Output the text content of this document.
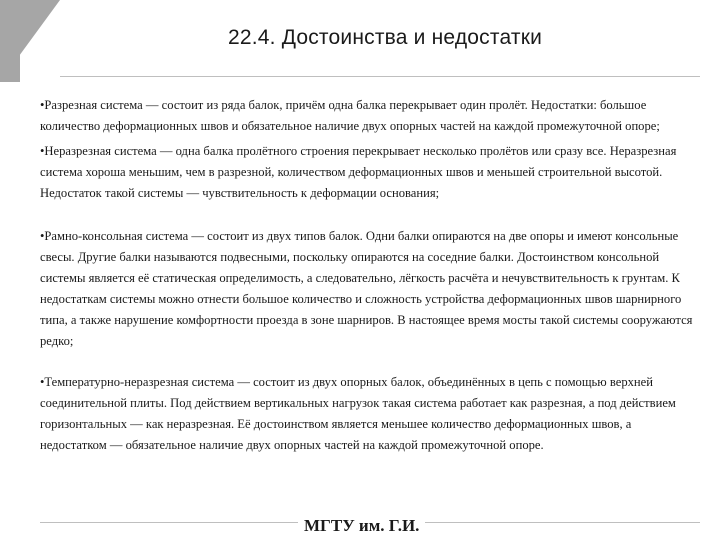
22.4. Достоинства и недостатки

•Разрезная система — состоит из ряда балок, причём одна балка перекрывает один пролёт. Недостатки: большое количество деформационных швов и обязательное наличие двух опорных частей на каждой промежуточной опоре;

•Неразрезная система — одна балка пролётного строения перекрывает несколько пролётов или сразу все. Неразрезная система хороша меньшим, чем в разрезной, количеством деформационных швов и меньшей строительной высотой. Недостаток такой системы — чувствительность к деформации основания;

•Рамно-консольная система — состоит из двух типов балок. Одни балки опираются на две опоры и имеют консольные свесы. Другие балки называются подвесными, поскольку опираются на соседние балки. Достоинством консольной системы является её статическая определимость, а следовательно, лёгкость расчёта и нечувствительность к грунтам. К недостаткам системы можно отнести большое количество и сложность устройства деформационных швов шарнирного типа, а также нарушение комфортности проезда в зоне шарниров. В настоящее время мосты такой системы сооружаются редко;

•Температурно-неразрезная система — состоит из двух опорных балок, объединённых в цепь с помощью верхней соединительной плиты. Под действием вертикальных нагрузок такая система работает как разрезная, а под действием горизонтальных — как неразрезная. Её достоинством является меньшее количество деформационных швов, а недостатком — обязательное наличие двух опорных частей на каждой промежуточной опоре.

МГТУ им. Г.И.
